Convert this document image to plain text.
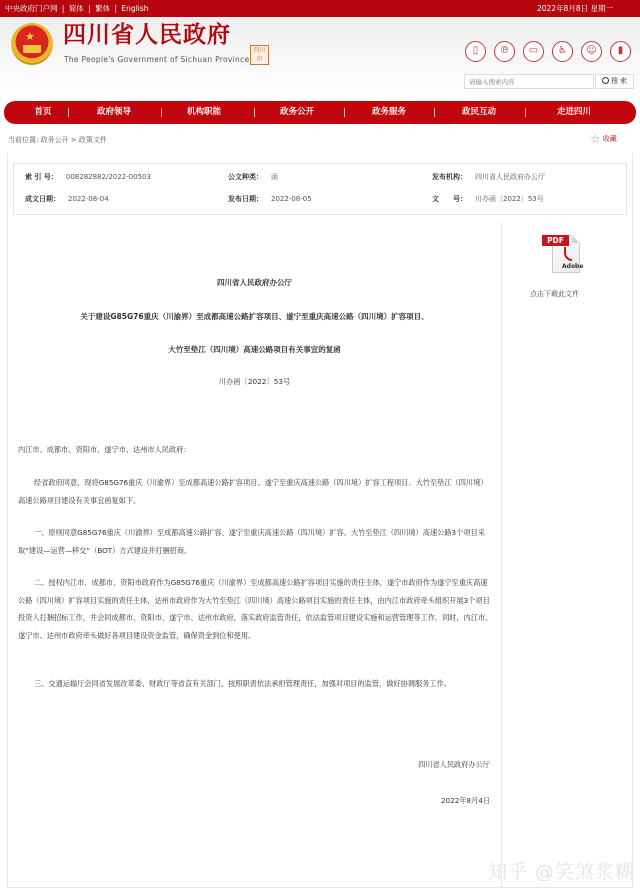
中央政府门户网 | 简体 | 繁体 | English	2022年8月8日 星期一
★ 四川省人民政府
The People's Government of Sichuan Province
四川 印
▯	℗	▭	♿	☺	▮
请输入搜索内容
搜 索
首页	政府领导	机构职能	政务公开	政务服务	政民互动	走进四川
当前位置: 政务公开 > 政策文件	☆ 收藏
索 引 号： 008282882/2022-00503	公文种类： 函	发布机构： 四川省人民政府办公厅
成文日期： 2022-08-04	发布日期： 2022-08-05	文　　号： 川办函〔2022〕53号
PDF
Adobe
点击下载此文件
四川省人民政府办公厅
关于建设G85G76重庆（川渝界）至成都高速公路扩容项目、遂宁至重庆高速公路（四川境）扩容项目、
大竹至垫江（四川境）高速公路项目有关事宜的复函
川办函〔2022〕53号
内江市、成都市、资阳市、遂宁市、达州市人民政府：
经省政府同意，现将G85G76重庆（川渝界）至成都高速公路扩容项目、遂宁至重庆高速公路（四川境）扩容工程项目、大竹至垫江（四川境）高速公路项目建设有关事宜函复如下。
一、原则同意G85G76重庆（川渝界）至成都高速公路扩容、遂宁至重庆高速公路（四川境）扩容、大竹至垫江（四川境）高速公路3个项目采取“建设—运营—移交”（BOT）方式建设并打捆招商。
二、授权内江市、成都市、资阳市政府作为G85G76重庆（川渝界）至成都高速公路扩容项目实施的责任主体，遂宁市政府作为遂宁至重庆高速公路（四川境）扩容项目实施的责任主体，达州市政府作为大竹至垫江（四川境）高速公路项目实施的责任主体，由内江市政府牵头组织开展3个项目投资人打捆招标工作，并会同成都市、资阳市、遂宁市、达州市政府，落实政府监管责任，依法监管项目建设实施和运营管理等工作。同时，内江市、遂宁市、达州市政府牵头做好各项目建设资金监管，确保资金到位和使用。
三、交通运输厅会同省发展改革委、财政厅等省直有关部门，按照职责依法承担管理责任，加强对项目的监管，做好协调服务工作。
四川省人民政府办公厅
2022年8月4日
知乎 @笑煞浆糊
